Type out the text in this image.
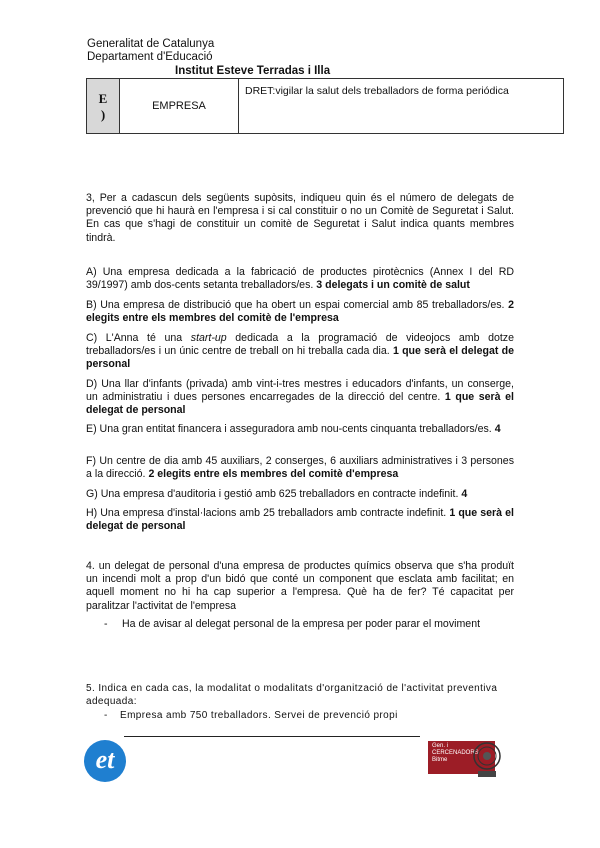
Generalitat de Catalunya
Departament d'Educació
Institut Esteve Terradas i Illa
E
)
	EMPRESA	DRET:vigilar la salut dels treballadors de forma periódica
3, Per a cadascun dels següents supòsits, indiqueu quin és el número de delegats de prevenció que hi haurà en l'empresa i si cal constituir o no un Comitè de Seguretat i Salut. En cas que s'hagi de constituir un comitè de Seguretat i Salut indica quants membres tindrà.
A) Una empresa dedicada a la fabricació de productes pirotècnics (Annex I del RD 39/1997) amb dos-cents setanta treballadors/es. 3 delegats i un comitè de salut
B) Una empresa de distribució que ha obert un espai comercial amb 85 treballadors/es. 2 elegits entre els membres del comitè de l'empresa
C) L'Anna té una start-up dedicada a la programació de videojocs amb dotze treballadors/es i un únic centre de treball on hi treballa cada dia. 1 que serà el delegat de personal
D) Una llar d'infants (privada) amb vint-i-tres mestres i educadors d'infants, un conserge, un administratiu i dues persones encarregades de la direcció del centre. 1 que serà el delegat de personal
E) Una gran entitat financera i asseguradora amb nou-cents cinquanta treballadors/es. 4
F) Un centre de dia amb 45 auxiliars, 2 conserges, 6 auxiliars administratives i 3 persones a la direcció. 2 elegits entre els membres del comitè d'empresa
G) Una empresa d'auditoria i gestió amb 625 treballadors en contracte indefinit. 4
H) Una empresa d'instal·lacions amb 25 treballadors amb contracte indefinit. 1 que serà el delegat de personal
4. un delegat de personal d'una empresa de productes químics observa que s'ha produït un incendi molt a prop d'un bidó que conté un component que esclata amb facilitat; en aquell moment no hi ha cap superior a l'empresa. Què ha de fer? Té capacitat per paralitzar l'activitat de l'empresa
- Ha de avisar al delegat personal de la empresa per poder parar el moviment
5. Indica en cada cas, la modalitat o modalitats d'organització de l'activitat preventiva adequada:
- Empresa amb 750 treballadors. Servei de prevenció propi
et	Gen. i
CERCENADORS
Bitme
